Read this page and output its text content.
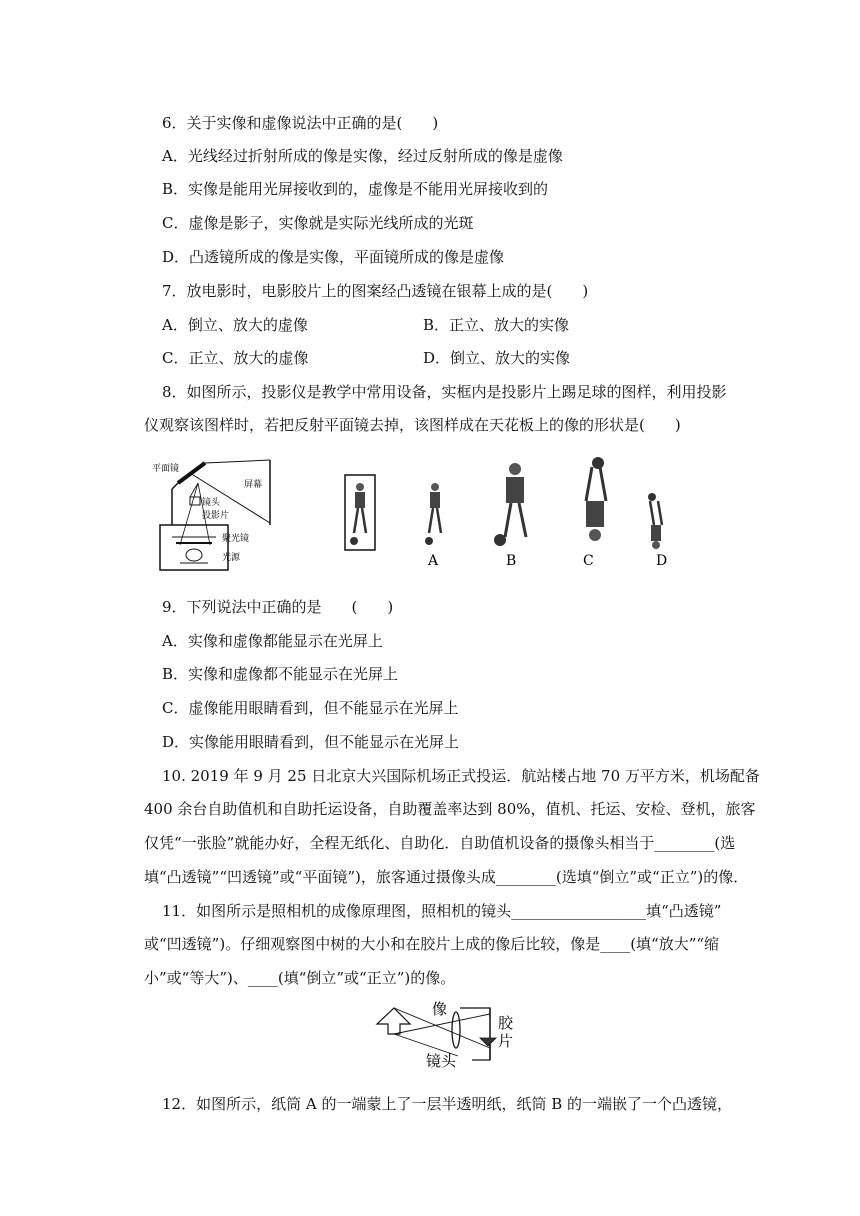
6．关于实像和虚像说法中正确的是(　　)
A．光线经过折射所成的像是实像，经过反射所成的像是虚像
B．实像是能用光屏接收到的，虚像是不能用光屏接收到的
C．虚像是影子，实像就是实际光线所成的光斑
D．凸透镜所成的像是实像，平面镜所成的像是虚像
7．放电影时，电影胶片上的图案经凸透镜在银幕上成的是(　　)
A．倒立、放大的虚像	B．正立、放大的实像
C．正立、放大的虚像	D．倒立、放大的实像
8．如图所示，投影仪是教学中常用设备，实框内是投影片上踢足球的图样，利用投影
仪观察该图样时，若把反射平面镜去掉，该图样成在天花板上的像的形状是(　　)
平面镜
屏幕
镜头
投影片
聚光镜
光源	A	B	C	D
9．下列说法中正确的是　　(　　)
A．实像和虚像都能显示在光屏上
B．实像和虚像都不能显示在光屏上
C．虚像能用眼睛看到，但不能显示在光屏上
D．实像能用眼睛看到，但不能显示在光屏上
10. 2019 年 9 月 25 日北京大兴国际机场正式投运．航站楼占地 70 万平方米，机场配备
400 余台自助值机和自助托运设备，自助覆盖率达到 80%，值机、托运、安检、登机，旅客
仅凭“一张脸”就能办好，全程无纸化、自助化．自助值机设备的摄像头相当于________(选
填“凸透镜”“凹透镜”或“平面镜”)，旅客通过摄像头成________(选填“倒立”或“正立”)的像．
11．如图所示是照相机的成像原理图，照相机的镜头__________________填“凸透镜”
或“凹透镜”)。仔细观察图中树的大小和在胶片上成的像后比较，像是____(填“放大”“缩
小”或“等大”)、____(填“倒立”或“正立”)的像。
像
胶
片
镜头
12．如图所示，纸筒 A 的一端蒙上了一层半透明纸，纸筒 B 的一端嵌了一个凸透镜，
